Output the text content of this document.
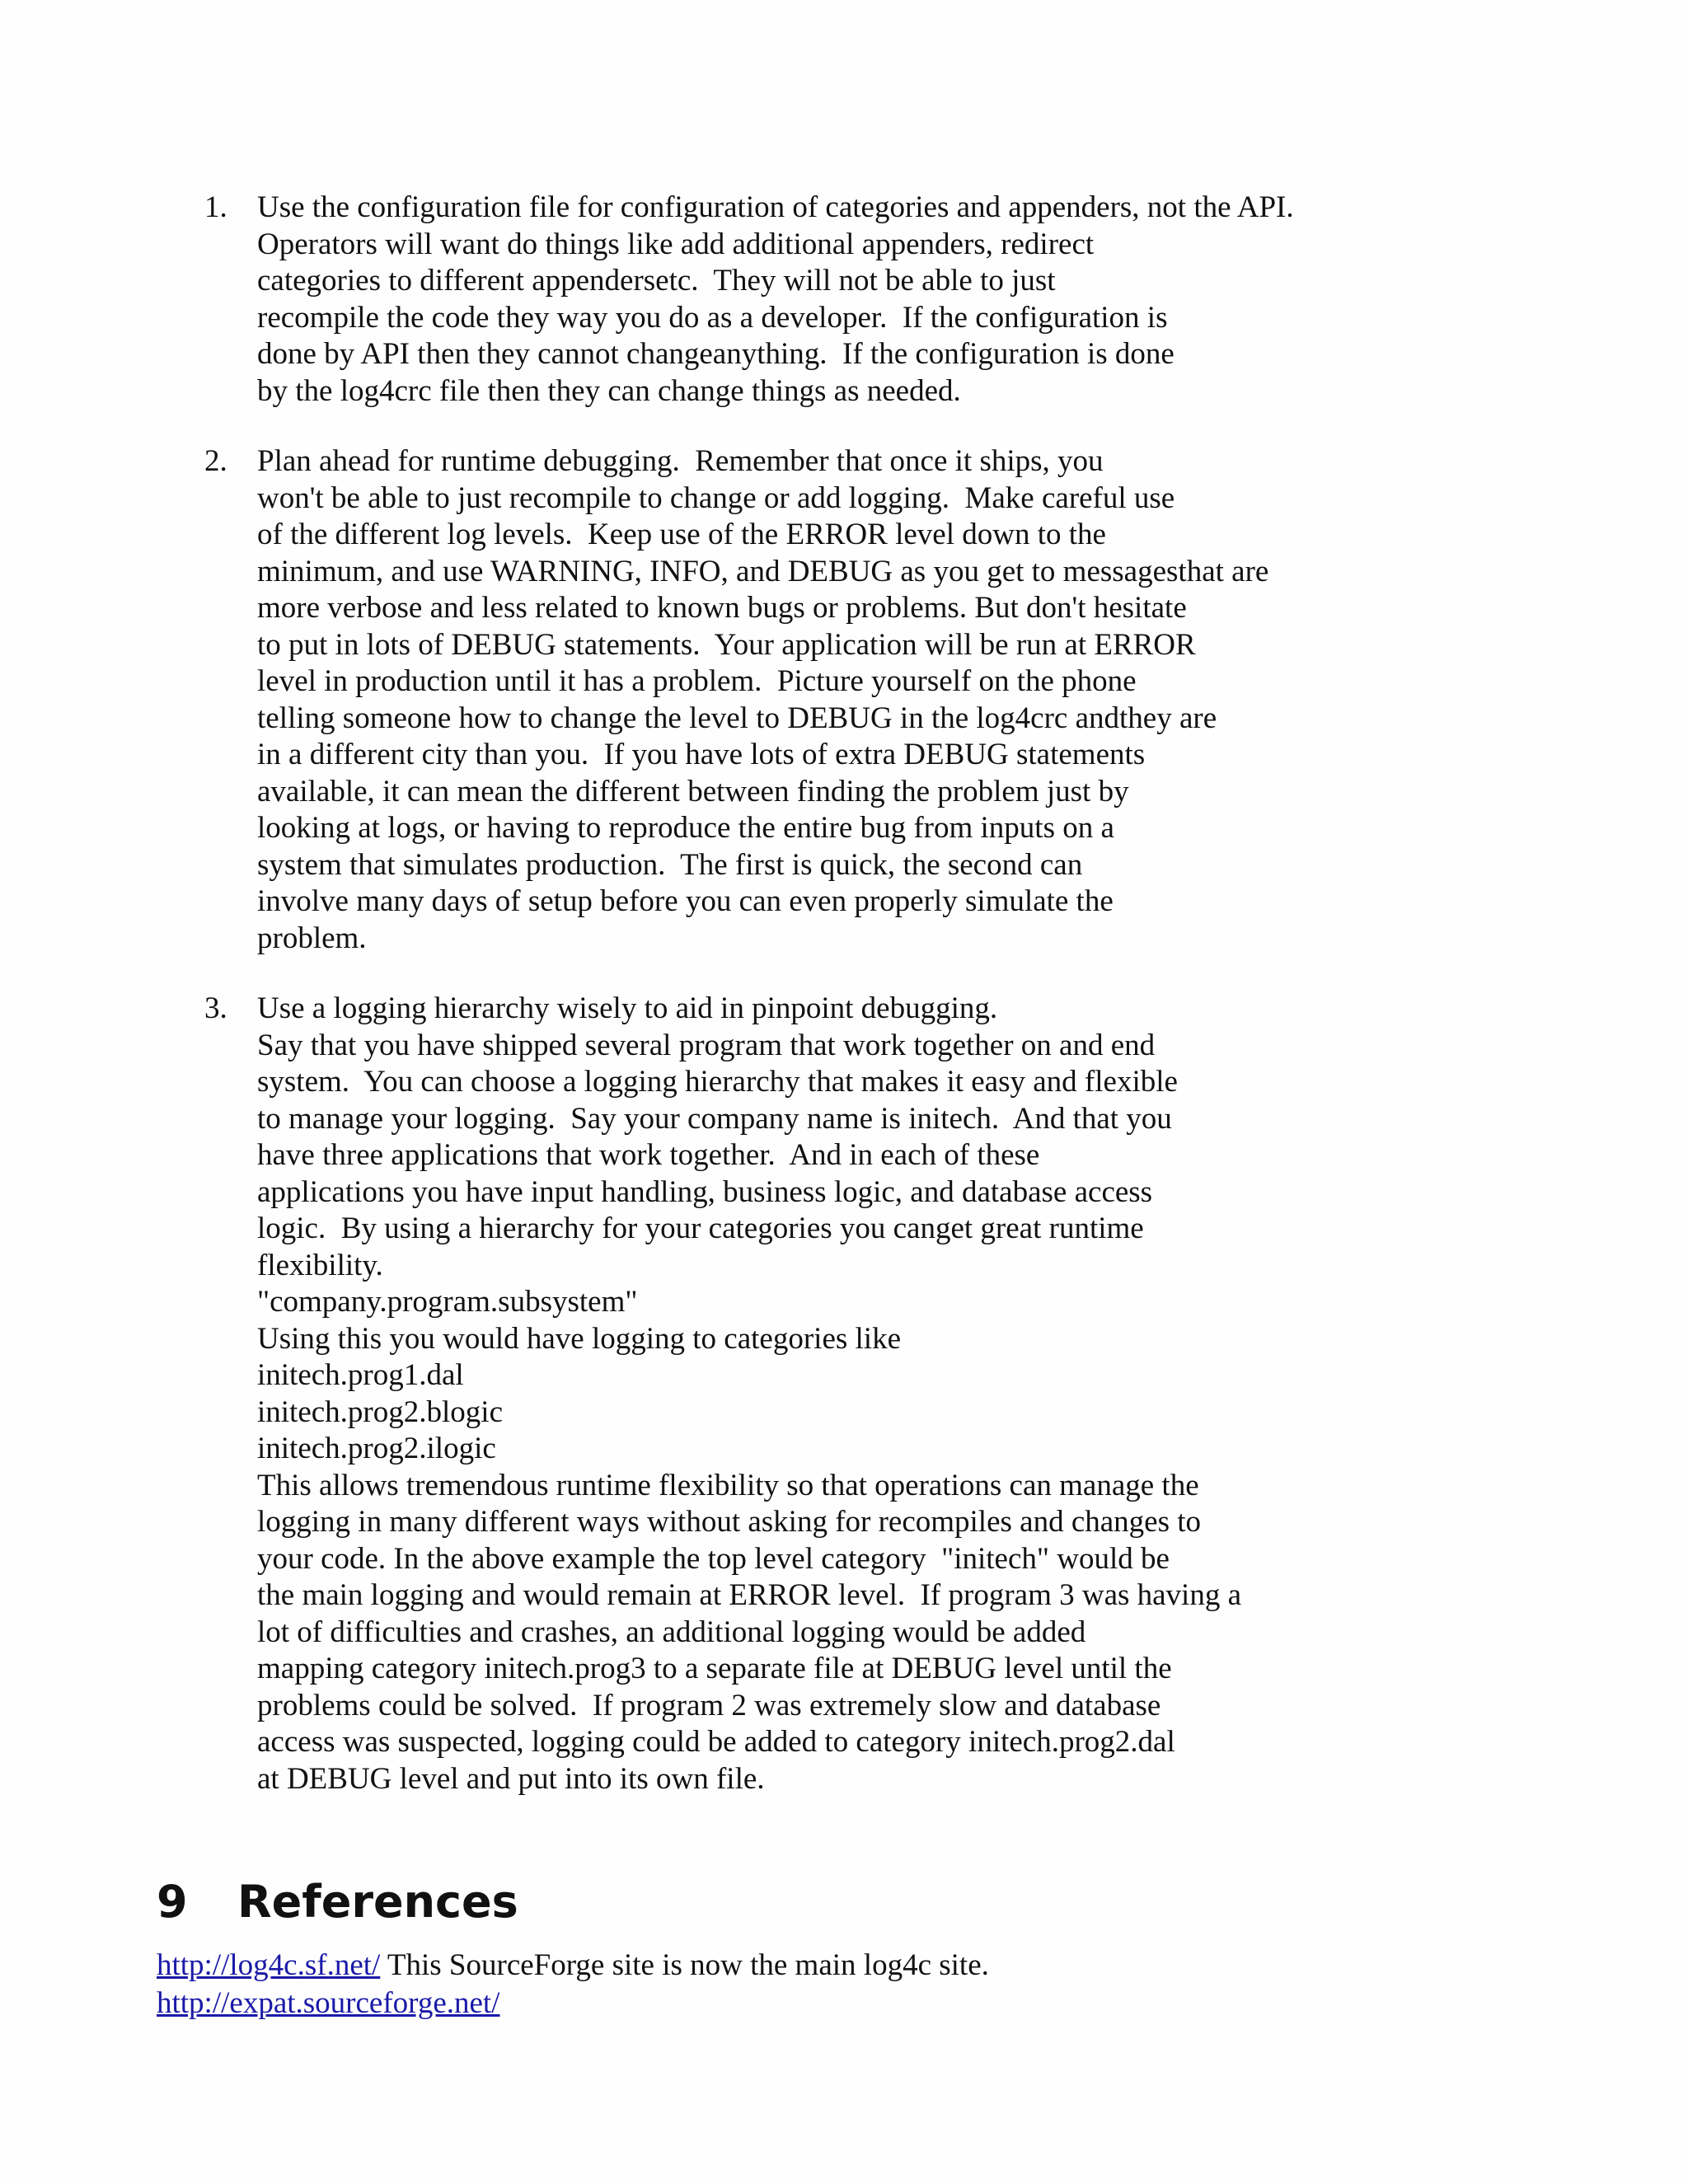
1. Use the configuration file for configuration of categories and appenders, not the API.
Operators will want do things like add additional appenders, redirect
categories to different appendersetc.  They will not be able to just
recompile the code they way you do as a developer.  If the configuration is
done by API then they cannot changeanything.  If the configuration is done
by the log4crc file then they can change things as needed.
2. Plan ahead for runtime debugging.  Remember that once it ships, you
won't be able to just recompile to change or add logging.  Make careful use
of the different log levels.  Keep use of the ERROR level down to the
minimum, and use WARNING, INFO, and DEBUG as you get to messagesthat are
more verbose and less related to known bugs or problems. But don't hesitate
to put in lots of DEBUG statements.  Your application will be run at ERROR
level in production until it has a problem.  Picture yourself on the phone
telling someone how to change the level to DEBUG in the log4crc andthey are
in a different city than you.  If you have lots of extra DEBUG statements
available, it can mean the different between finding the problem just by
looking at logs, or having to reproduce the entire bug from inputs on a
system that simulates production.  The first is quick, the second can
involve many days of setup before you can even properly simulate the
problem.
3. Use a logging hierarchy wisely to aid in pinpoint debugging.
Say that you have shipped several program that work together on and end
system.  You can choose a logging hierarchy that makes it easy and flexible
to manage your logging.  Say your company name is initech.  And that you
have three applications that work together.  And in each of these
applications you have input handling, business logic, and database access
logic.  By using a hierarchy for your categories you canget great runtime
flexibility.
"company.program.subsystem"
Using this you would have logging to categories like
initech.prog1.dal
initech.prog2.blogic
initech.prog2.ilogic
This allows tremendous runtime flexibility so that operations can manage the
logging in many different ways without asking for recompiles and changes to
your code. In the above example the top level category  "initech" would be
the main logging and would remain at ERROR level.  If program 3 was having a
lot of difficulties and crashes, an additional logging would be added
mapping category initech.prog3 to a separate file at DEBUG level until the
problems could be solved.  If program 2 was extremely slow and database
access was suspected, logging could be added to category initech.prog2.dal
at DEBUG level and put into its own file.
9 References
http://log4c.sf.net/ This SourceForge site is now the main log4c site.
http://expat.sourceforge.net/
